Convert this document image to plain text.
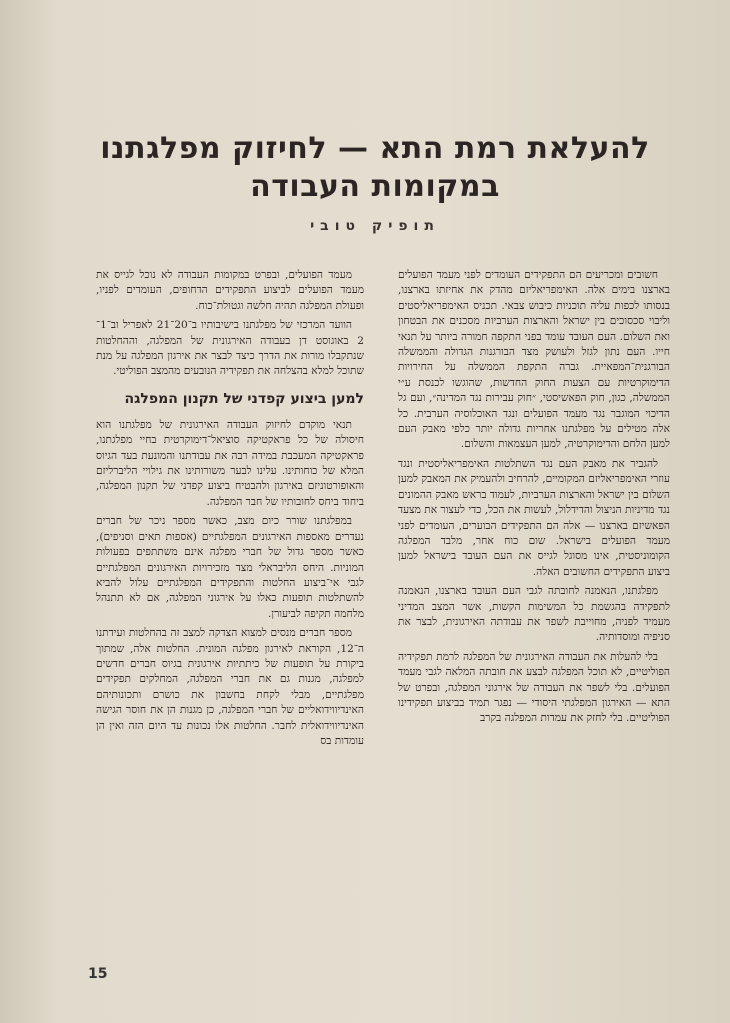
להעלאת רמת התא — לחיזוק מפלגתנו
במקומות העבודה
תופיק טובי

חשובים ומכריעים הם התפקידים העומדים לפני מעמד הפועלים בארצנו בימים אלה. האימפריאליזם מהדק את אחיזתו בארצנו, בנסותו לכפות עליה תוכניות כיבוש צבאי. תכניס האימפריאליסטים וליבוי סכסוכים בין ישראל והארצות הערביות מסכנים את הבטחון ואת השלום. העם העובד עומד בפני התקפה חמורה ביותר על תנאי חייו. העם נתון לגזל ולעושק מצד הבורגנות הגדולה והממשלה הבורגנית־המפאיית. גברה התקפת הממשלה על החירויות הדימוקרטיות עם הצעות החוק החדשות, שהוגשו לכנסת ע״י הממשלה, כגון, חוק הפאשיסטי, ״חוק עבירות נגד המדינה״, ועם גל הדיכוי המוגבר נגד מעמד הפועלים ונגד האוכלוסיה הערבית. כל אלה מטילים על מפלגתנו אחריות גדולה יותר כלפי מאבק העם למען הלחם והדימוקרטיה, למען העצמאות והשלום.

להגביר את מאבק העם נגד השתלטות האימפריאליסטית ונגד עוזרי האימפריאליזם המקומיים, להרחיב ולהעמיק את המאבק למען השלום בין ישראל והארצות הערביות, לעמוד בראש מאבק ההמונים נגד מדיניות הניצול והדידלול, לעשות את הכל, כדי לעצור את מצעד הפאשיזם בארצנו — אלה הם התפקידים הבוערים, העומדים לפני מעמד הפועלים בישראל. שום כוח אחר, מלבד המפלגה הקומוניסטית, אינו מסוגל לגייס את העם העובד בישראל למען ביצוע התפקידים החשובים האלה.

מפלגתנו, הנאמנה לחובתה לגבי העם העובד בארצנו, הנאמנה לתפקידה בהגשמת כל המשימות הקשות, אשר המצב המדיני מעמיד לפניה, מחוייבת לשפר את עבודתה האירגונית, לבצר את סניפיה ומוסדותיה.

בלי להעלות את העבודה האירגונית של המפלגה לרמת תפקידיה הפוליטיים, לא תוכל המפלגה לבצע את חובתה המלאה לגבי מעמד הפועלים. בלי לשפר את העבודה של אירגוני המפלגה, ובפרט של התא — האירגון המפלגתי היסודי — נפגר תמיד בביצוע תפקידינו הפוליטיים. בלי לחזק את עמדות המפלגה בקרב

מעמד הפועלים, ובפרט במקומות העבודה לא נוכל לגייס את מעמד הפועלים לביצוע התפקידים הדחופים, העומדים לפניו, ופעולת המפלגה תהיה חלשה וגטולת־כוח.

הוועד המרכזי של מפלגתנו בישיבותיו ב־20־21 לאפריל וב־1־2 באוגוסט דן בעבודה האירגונית של המפלגה, וההחלטות שנתקבלו מורות את הדרך כיצד לבצר את אירגון המפלגה על מנת שתוכל למלא בהצלחה את תפקידיה הנובעים מהמצב הפוליטי.

למען ביצוע קפדני של תקנון המפלגה

תנאי מוקדם לחיזוק העבודה האירגונית של מפלגתנו הוא חיסולה של כל פראקטיקה סוציאל־דימוקרטית בחיי מפלגתנו, פראקטיקה המעכבת במידה רבה את עבודתנו והמונעת בעד הגיוס המלא של כוחותינו. עלינו לבער משורותינו את גילויי הליברליזם והאופורטוניזם באירגון ולהבטיח ביצוע קפדני של תקנון המפלגה, ביחוד ביחס לחובותיו של חבר המפלגה.

במפלגתנו שורר כיום מצב, כאשר מספר ניכר של חברים נעדרים מאספות האירגונים המפלגתיים (אספות תאים וסניפים), כאשר מספר גדול של חברי מפלגה אינם משתתפים בפעולות המוניות. היחס הליבראלי מצד מזכירויות האירגונים המפלגתיים לגבי אי־ביצוע החלטות והתפקידים המפלגתיים עלול להביא להשתלטות תופעות כאלו על אירגוני המפלגה, אם לא תתנהל מלחמה תקיפה לביעורן.

מספר חברים מנסים למצוא הצדקה למצב זה בהחלטות ועידתנו ה־12, הקוראת לאירגון מפלגה המונית. החלטות אלה, שמתוך ביקורת על תופעות של כיתתיות אירגונית בגיוס חברים חדשים למפלגה, מגנות גם את חברי המפלגה, המחלקים תפקידים מפלגתיים, מבלי לקחת בחשבון את כושרם ותכונותיהם האינדיווידואליים של חברי המפלגה, כן מגנות הן את חוסר הגישה האינדיווידואלית לחבר. החלטות אלו נכונות עד היום הזה ואין הן עומדות בס

15
